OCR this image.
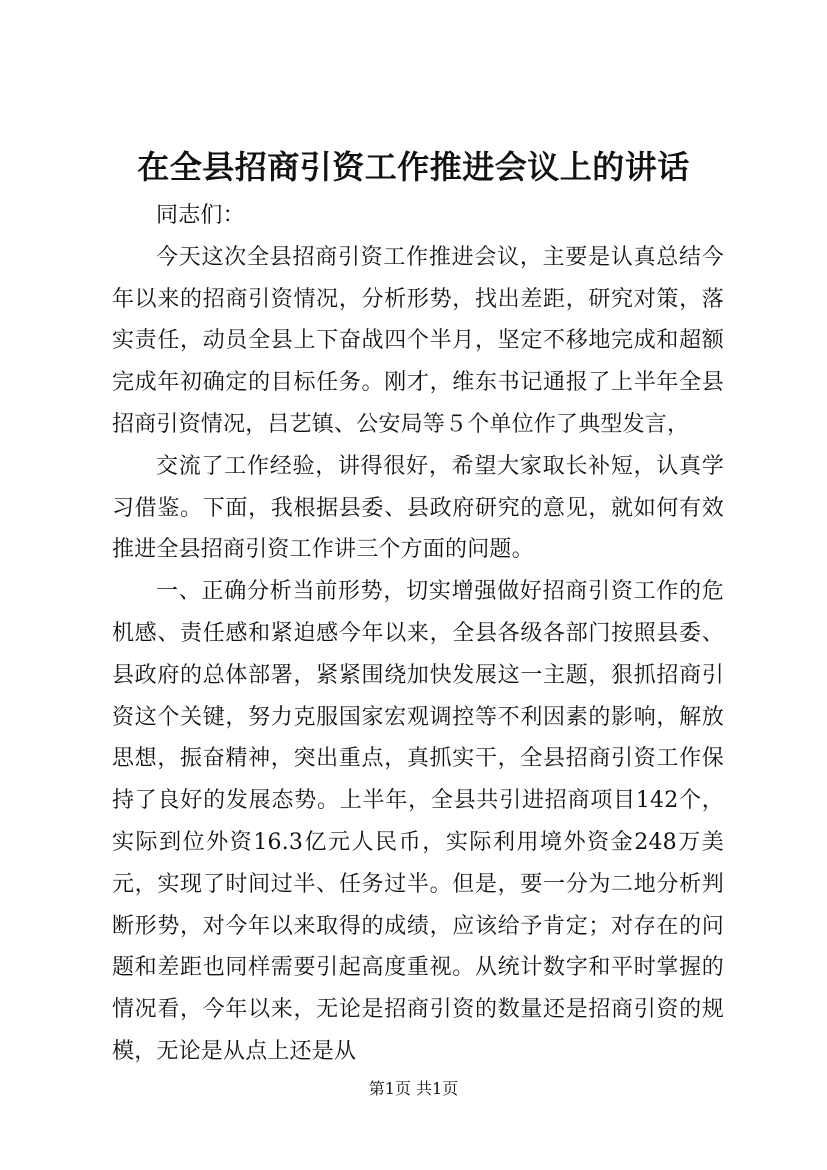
在全县招商引资工作推进会议上的讲话

同志们：

今天这次全县招商引资工作推进会议，主要是认真总结今年以来的招商引资情况，分析形势，找出差距，研究对策，落实责任，动员全县上下奋战四个半月，坚定不移地完成和超额完成年初确定的目标任务。刚才，维东书记通报了上半年全县招商引资情况，吕艺镇、公安局等５个单位作了典型发言，

交流了工作经验，讲得很好，希望大家取长补短，认真学习借鉴。下面，我根据县委、县政府研究的意见，就如何有效推进全县招商引资工作讲三个方面的问题。

一、正确分析当前形势，切实增强做好招商引资工作的危机感、责任感和紧迫感今年以来，全县各级各部门按照县委、县政府的总体部署，紧紧围绕加快发展这一主题，狠抓招商引资这个关键，努力克服国家宏观调控等不利因素的影响，解放思想，振奋精神，突出重点，真抓实干，全县招商引资工作保持了良好的发展态势。上半年，全县共引进招商项目142个，实际到位外资16.3亿元人民币，实际利用境外资金248万美元，实现了时间过半、任务过半。但是，要一分为二地分析判断形势，对今年以来取得的成绩，应该给予肯定；对存在的问题和差距也同样需要引起高度重视。从统计数字和平时掌握的情况看，今年以来，无论是招商引资的数量还是招商引资的规模，无论是从点上还是从

第1页 共1页
